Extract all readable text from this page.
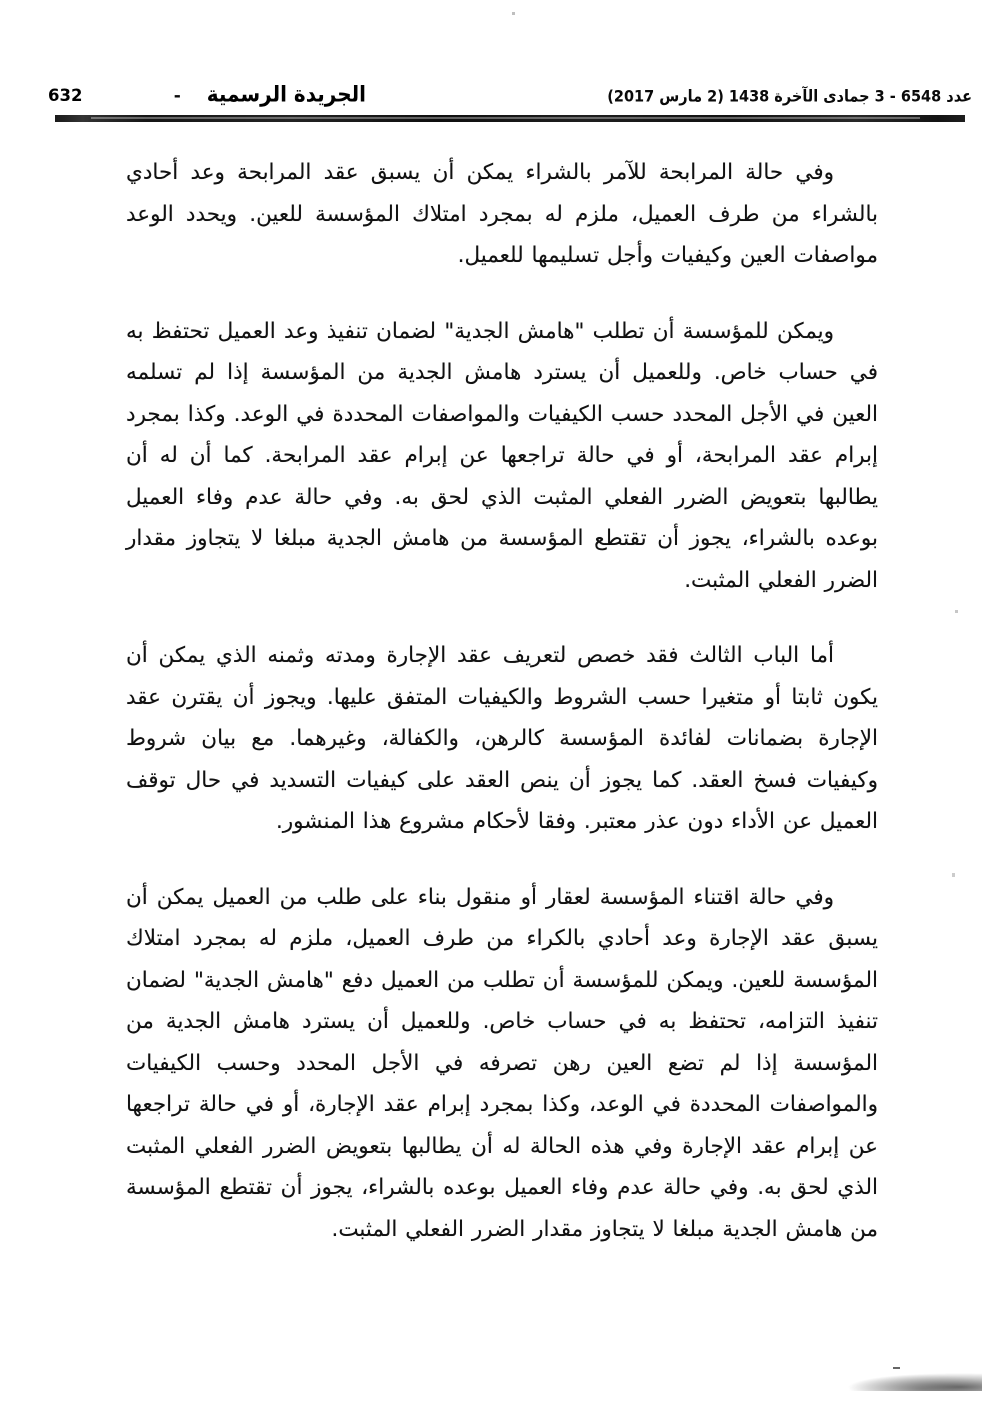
عدد 6548 - 3 جمادى الآخرة 1438 (2 مارس 2017)
الجريدة الرسمية
-
632

وفي حالة المرابحة للآمر بالشراء يمكن أن يسبق عقد المرابحة وعد أحادي بالشراء من طرف العميل، ملزم له بمجرد امتلاك المؤسسة للعين. ويحدد الوعد مواصفات العين وكيفيات وأجل تسليمها للعميل.

ويمكن للمؤسسة أن تطلب "هامش الجدية" لضمان تنفيذ وعد العميل تحتفظ به في حساب خاص. وللعميل أن يسترد هامش الجدية من المؤسسة إذا لم تسلمه العين في الأجل المحدد حسب الكيفيات والمواصفات المحددة في الوعد. وكذا بمجرد إبرام عقد المرابحة، أو في حالة تراجعها عن إبرام عقد المرابحة. كما أن له أن يطالبها بتعويض الضرر الفعلي المثبت الذي لحق به. وفي حالة عدم وفاء العميل بوعده بالشراء، يجوز أن تقتطع المؤسسة من هامش الجدية مبلغا لا يتجاوز مقدار الضرر الفعلي المثبت.

أما الباب الثالث فقد خصص لتعريف عقد الإجارة ومدته وثمنه الذي يمكن أن يكون ثابتا أو متغيرا حسب الشروط والكيفيات المتفق عليها. ويجوز أن يقترن عقد الإجارة بضمانات لفائدة المؤسسة كالرهن، والكفالة، وغيرهما. مع بيان شروط وكيفيات فسخ العقد. كما يجوز أن ينص العقد على كيفيات التسديد في حال توقف العميل عن الأداء دون عذر معتبر. وفقا لأحكام مشروع هذا المنشور.

وفي حالة اقتناء المؤسسة لعقار أو منقول بناء على طلب من العميل يمكن أن يسبق عقد الإجارة وعد أحادي بالكراء من طرف العميل، ملزم له بمجرد امتلاك المؤسسة للعين. ويمكن للمؤسسة أن تطلب من العميل دفع "هامش الجدية" لضمان تنفيذ التزامه، تحتفظ به في حساب خاص. وللعميل أن يسترد هامش الجدية من المؤسسة إذا لم تضع العين رهن تصرفه في الأجل المحدد وحسب الكيفيات والمواصفات المحددة في الوعد، وكذا بمجرد إبرام عقد الإجارة، أو في حالة تراجعها عن إبرام عقد الإجارة وفي هذه الحالة له أن يطالبها بتعويض الضرر الفعلي المثبت الذي لحق به. وفي حالة عدم وفاء العميل بوعده بالشراء، يجوز أن تقتطع المؤسسة من هامش الجدية مبلغا لا يتجاوز مقدار الضرر الفعلي المثبت.
